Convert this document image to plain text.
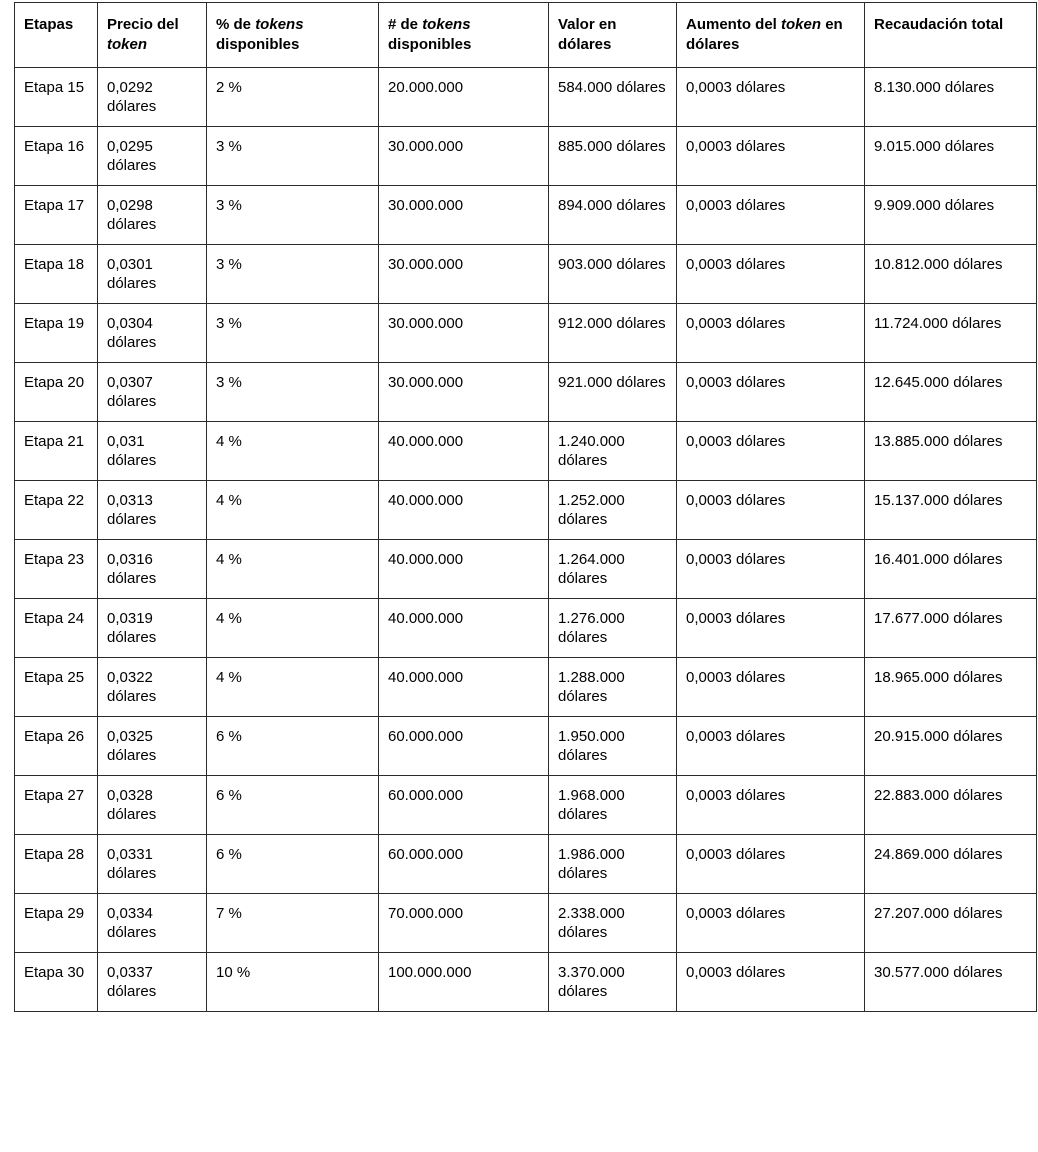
Etapas	Precio del token	% de tokens disponibles	# de tokens disponibles	Valor en dólares	Aumento del token en dólares	Recaudación total
Etapa 15	0,0292 dólares	2 %	20.000.000	584.000 dólares	0,0003 dólares	8.130.000 dólares
Etapa 16	0,0295 dólares	3 %	30.000.000	885.000 dólares	0,0003 dólares	9.015.000 dólares
Etapa 17	0,0298 dólares	3 %	30.000.000	894.000 dólares	0,0003 dólares	9.909.000 dólares
Etapa 18	0,0301 dólares	3 %	30.000.000	903.000 dólares	0,0003 dólares	10.812.000 dólares
Etapa 19	0,0304 dólares	3 %	30.000.000	912.000 dólares	0,0003 dólares	11.724.000 dólares
Etapa 20	0,0307 dólares	3 %	30.000.000	921.000 dólares	0,0003 dólares	12.645.000 dólares
Etapa 21	0,031 dólares	4 %	40.000.000	1.240.000 dólares	0,0003 dólares	13.885.000 dólares
Etapa 22	0,0313 dólares	4 %	40.000.000	1.252.000 dólares	0,0003 dólares	15.137.000 dólares
Etapa 23	0,0316 dólares	4 %	40.000.000	1.264.000 dólares	0,0003 dólares	16.401.000 dólares
Etapa 24	0,0319 dólares	4 %	40.000.000	1.276.000 dólares	0,0003 dólares	17.677.000 dólares
Etapa 25	0,0322 dólares	4 %	40.000.000	1.288.000 dólares	0,0003 dólares	18.965.000 dólares
Etapa 26	0,0325 dólares	6 %	60.000.000	1.950.000 dólares	0,0003 dólares	20.915.000 dólares
Etapa 27	0,0328 dólares	6 %	60.000.000	1.968.000 dólares	0,0003 dólares	22.883.000 dólares
Etapa 28	0,0331 dólares	6 %	60.000.000	1.986.000 dólares	0,0003 dólares	24.869.000 dólares
Etapa 29	0,0334 dólares	7 %	70.000.000	2.338.000 dólares	0,0003 dólares	27.207.000 dólares
Etapa 30	0,0337 dólares	10 %	100.000.000	3.370.000 dólares	0,0003 dólares	30.577.000 dólares
